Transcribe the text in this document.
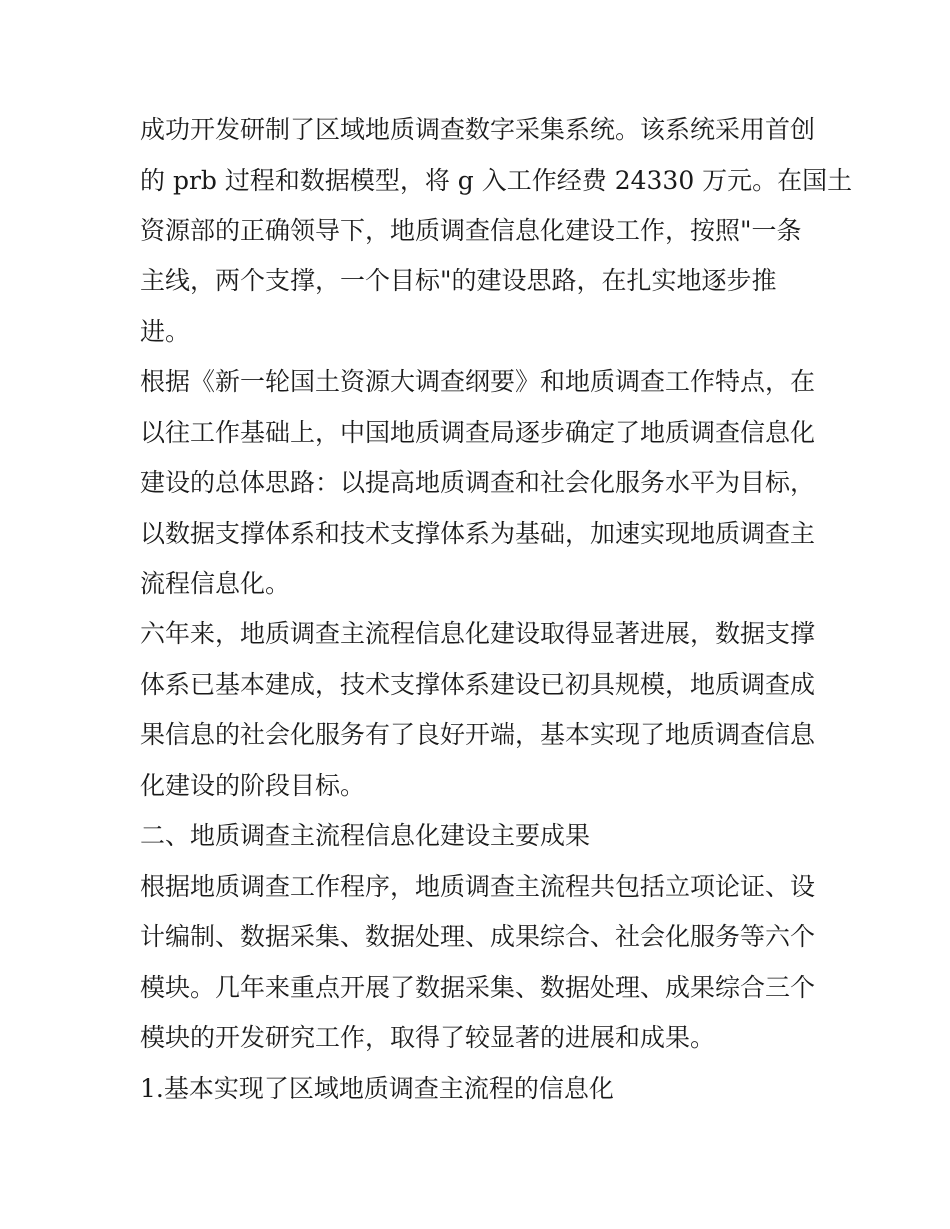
成功开发研制了区域地质调查数字采集系统。该系统采用首创
的 prb 过程和数据模型，将 g 入工作经费 24330 万元。在国土
资源部的正确领导下，地质调查信息化建设工作，按照"一条
主线，两个支撑，一个目标"的建设思路，在扎实地逐步推
进。
根据《新一轮国土资源大调查纲要》和地质调查工作特点，在
以往工作基础上，中国地质调查局逐步确定了地质调查信息化
建设的总体思路：以提高地质调查和社会化服务水平为目标，
以数据支撑体系和技术支撑体系为基础，加速实现地质调查主
流程信息化。
六年来，地质调查主流程信息化建设取得显著进展，数据支撑
体系已基本建成，技术支撑体系建设已初具规模，地质调查成
果信息的社会化服务有了良好开端，基本实现了地质调查信息
化建设的阶段目标。
二、地质调查主流程信息化建设主要成果
根据地质调查工作程序，地质调查主流程共包括立项论证、设
计编制、数据采集、数据处理、成果综合、社会化服务等六个
模块。几年来重点开展了数据采集、数据处理、成果综合三个
模块的开发研究工作，取得了较显著的进展和成果。
1.基本实现了区域地质调查主流程的信息化
